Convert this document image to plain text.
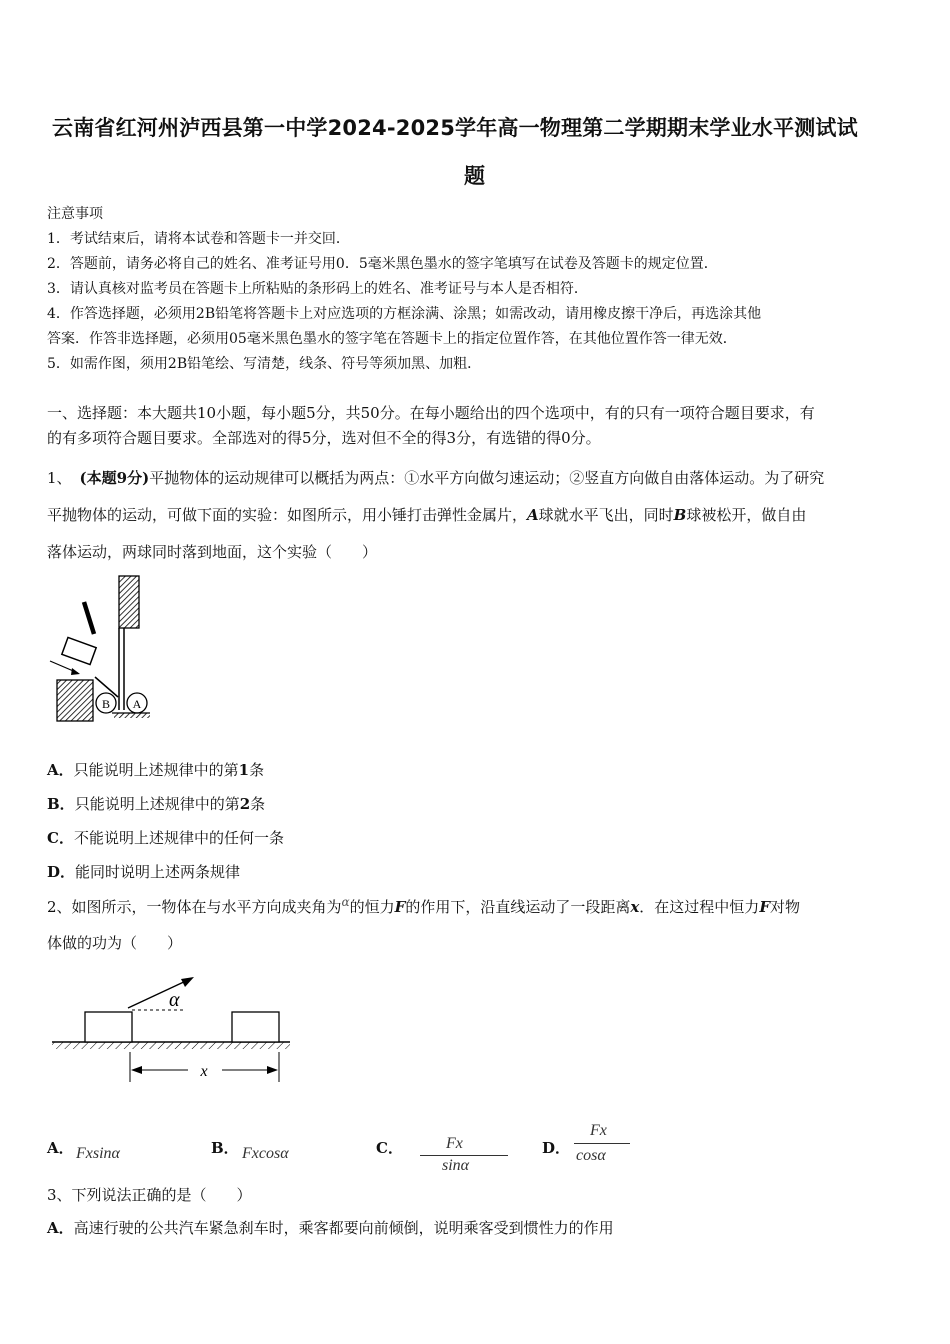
云南省红河州泸西县第一中学2024-2025学年高一物理第二学期期末学业水平测试试
题
注意事项
1．考试结束后，请将本试卷和答题卡一并交回．
2．答题前，请务必将自己的姓名、准考证号用0．5毫米黑色墨水的签字笔填写在试卷及答题卡的规定位置．
3．请认真核对监考员在答题卡上所粘贴的条形码上的姓名、准考证号与本人是否相符．
4．作答选择题，必须用2B铅笔将答题卡上对应选项的方框涂满、涂黑；如需改动，请用橡皮擦干净后，再选涂其他
答案．作答非选择题，必须用05毫米黑色墨水的签字笔在答题卡上的指定位置作答，在其他位置作答一律无效．
5．如需作图，须用2B铅笔绘、写清楚，线条、符号等须加黑、加粗．
一、选择题：本大题共10小题，每小题5分，共50分。在每小题给出的四个选项中，有的只有一项符合题目要求，有
的有多项符合题目要求。全部选对的得5分，选对但不全的得3分，有选错的得0分。
1、 (本题9分)平抛物体的运动规律可以概括为两点：①水平方向做匀速运动；②竖直方向做自由落体运动。为了研究
平抛物体的运动，可做下面的实验：如图所示，用小锤打击弹性金属片，A球就水平飞出，同时B球被松开，做自由
落体运动，两球同时落到地面，这个实验（　　）
B A
A．只能说明上述规律中的第1条
B．只能说明上述规律中的第2条
C．不能说明上述规律中的任何一条
D．能同时说明上述两条规律
2、如图所示，一物体在与水平方向成夹角为$^\alpha$的恒力F的作用下，沿直线运动了一段距离x．在这过程中恒力F对物
体做的功为（　　）
α
x
A． Fxsinα	B． Fxcosα	C．	Fx
sinα
D．
Fx
cosα
3、下列说法正确的是（　　）
A．高速行驶的公共汽车紧急刹车时，乘客都要向前倾倒，说明乘客受到惯性力的作用
